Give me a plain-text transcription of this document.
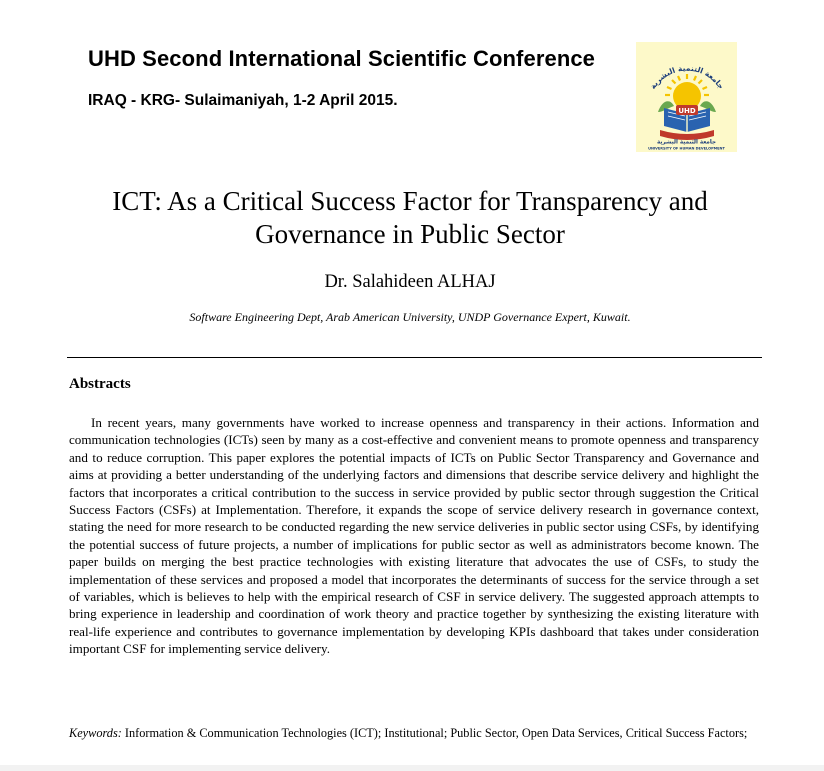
UHD Second International Scientific Conference
IRAQ - KRG- Sulaimaniyah, 1-2 April 2015.
جامعة التنمية البشرية
UHD
جامعة التنمية البشرية
UNIVERSITY OF HUMAN DEVELOPMENT
ICT: As a Critical Success Factor for Transparency and
Governance in Public Sector
Dr. Salahideen ALHAJ
Software Engineering Dept, Arab American University, UNDP Governance Expert, Kuwait.
Abstracts

In recent years, many governments have worked to increase openness and transparency in their actions. Information and communication technologies (ICTs) seen by many as a cost-effective and convenient means to promote openness and transparency and to reduce corruption. This paper explores the potential impacts of ICTs on Public Sector Transparency and Governance and aims at providing a better understanding of the underlying factors and dimensions that describe service delivery and highlight the factors that incorporates a critical contribution to the success in service provided by public sector through suggestion the Critical Success Factors (CSFs) at Implementation. Therefore, it expands the scope of service delivery research in governance context, stating the need for more research to be conducted regarding the new service deliveries in public sector using CSFs, by identifying the potential success of future projects, a number of implications for public sector as well as administrators become known. The paper builds on merging the best practice technologies with existing literature that advocates the use of CSFs, to study the implementation of these services and proposed a model that incorporates the determinants of success for the service through a set of variables, which is believes to help with the empirical research of CSF in service delivery. The suggested approach attempts to bring experience in leadership and coordination of work theory and practice together by synthesizing the existing literature with real-life experience and contributes to governance implementation by developing KPIs dashboard that takes under consideration important CSF for implementing service delivery.

Keywords: Information & Communication Technologies (ICT); Institutional; Public Sector, Open Data Services, Critical Success Factors;
